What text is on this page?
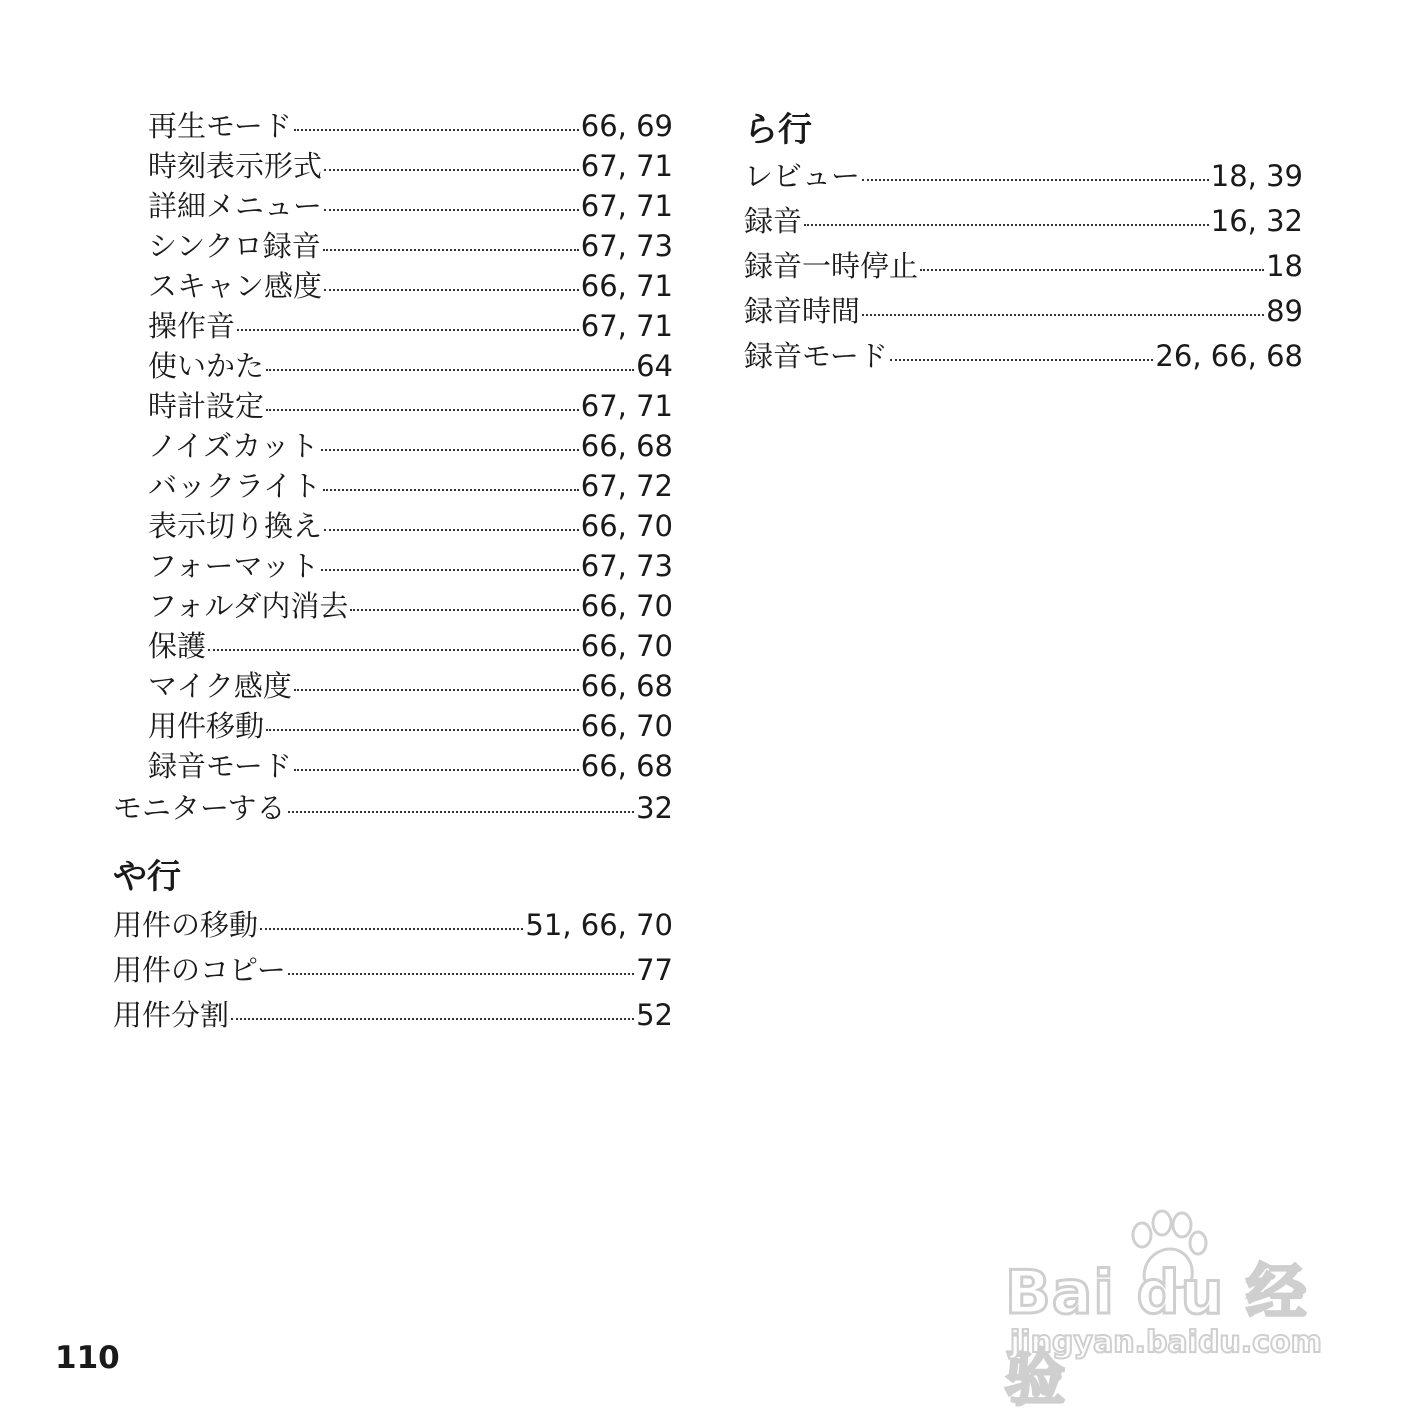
再生モード	66, 69
時刻表示形式	67, 71
詳細メニュー	67, 71
シンクロ録音	67, 73
スキャン感度	66, 71
操作音	67, 71
使いかた	64
時計設定	67, 71
ノイズカット	66, 68
バックライト	67, 72
表示切り換え	66, 70
フォーマット	67, 73
フォルダ内消去	66, 70
保護	66, 70
マイク感度	66, 68
用件移動	66, 70
録音モード	66, 68
モニターする	32
や行
用件の移動	51, 66, 70
用件のコピー	77
用件分割	52
ら行
レビュー	18, 39
録音	16, 32
録音一時停止	18
録音時間	89
録音モード	26, 66, 68
110
Bai du 经验
jingyan.baidu.com
